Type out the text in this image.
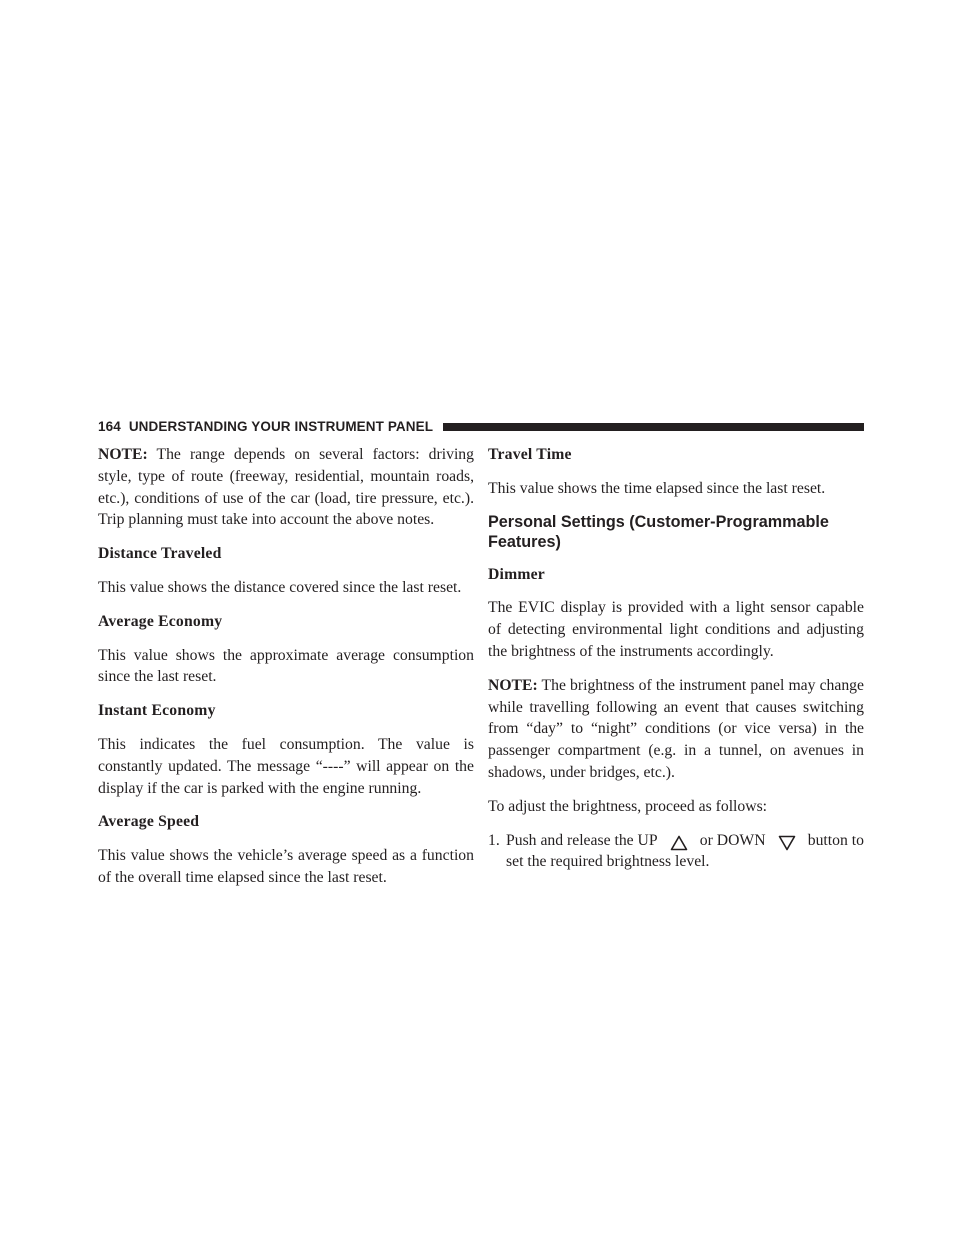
164 UNDERSTANDING YOUR INSTRUMENT PANEL

NOTE: The range depends on several factors: driving style, type of route (freeway, residential, mountain roads, etc.), conditions of use of the car (load, tire pressure, etc.). Trip planning must take into account the above notes.

Distance Traveled

This value shows the distance covered since the last reset.

Average Economy

This value shows the approximate average consumption since the last reset.

Instant Economy

This indicates the fuel consumption. The value is constantly updated. The message “----” will appear on the display if the car is parked with the engine running.

Average Speed

This value shows the vehicle’s average speed as a function of the overall time elapsed since the last reset.

Travel Time

This value shows the time elapsed since the last reset.

Personal Settings (Customer-Programmable Features)
Dimmer

The EVIC display is provided with a light sensor capable of detecting environmental light conditions and adjusting the brightness of the instruments accordingly.

NOTE: The brightness of the instrument panel may change while travelling following an event that causes switching from “day” to “night” conditions (or vice versa) in the passenger compartment (e.g. in a tunnel, on avenues in shadows, under bridges, etc.).

To adjust the brightness, proceed as follows:

1. Push and release the UP	or DOWN	button to
set the required brightness level.
